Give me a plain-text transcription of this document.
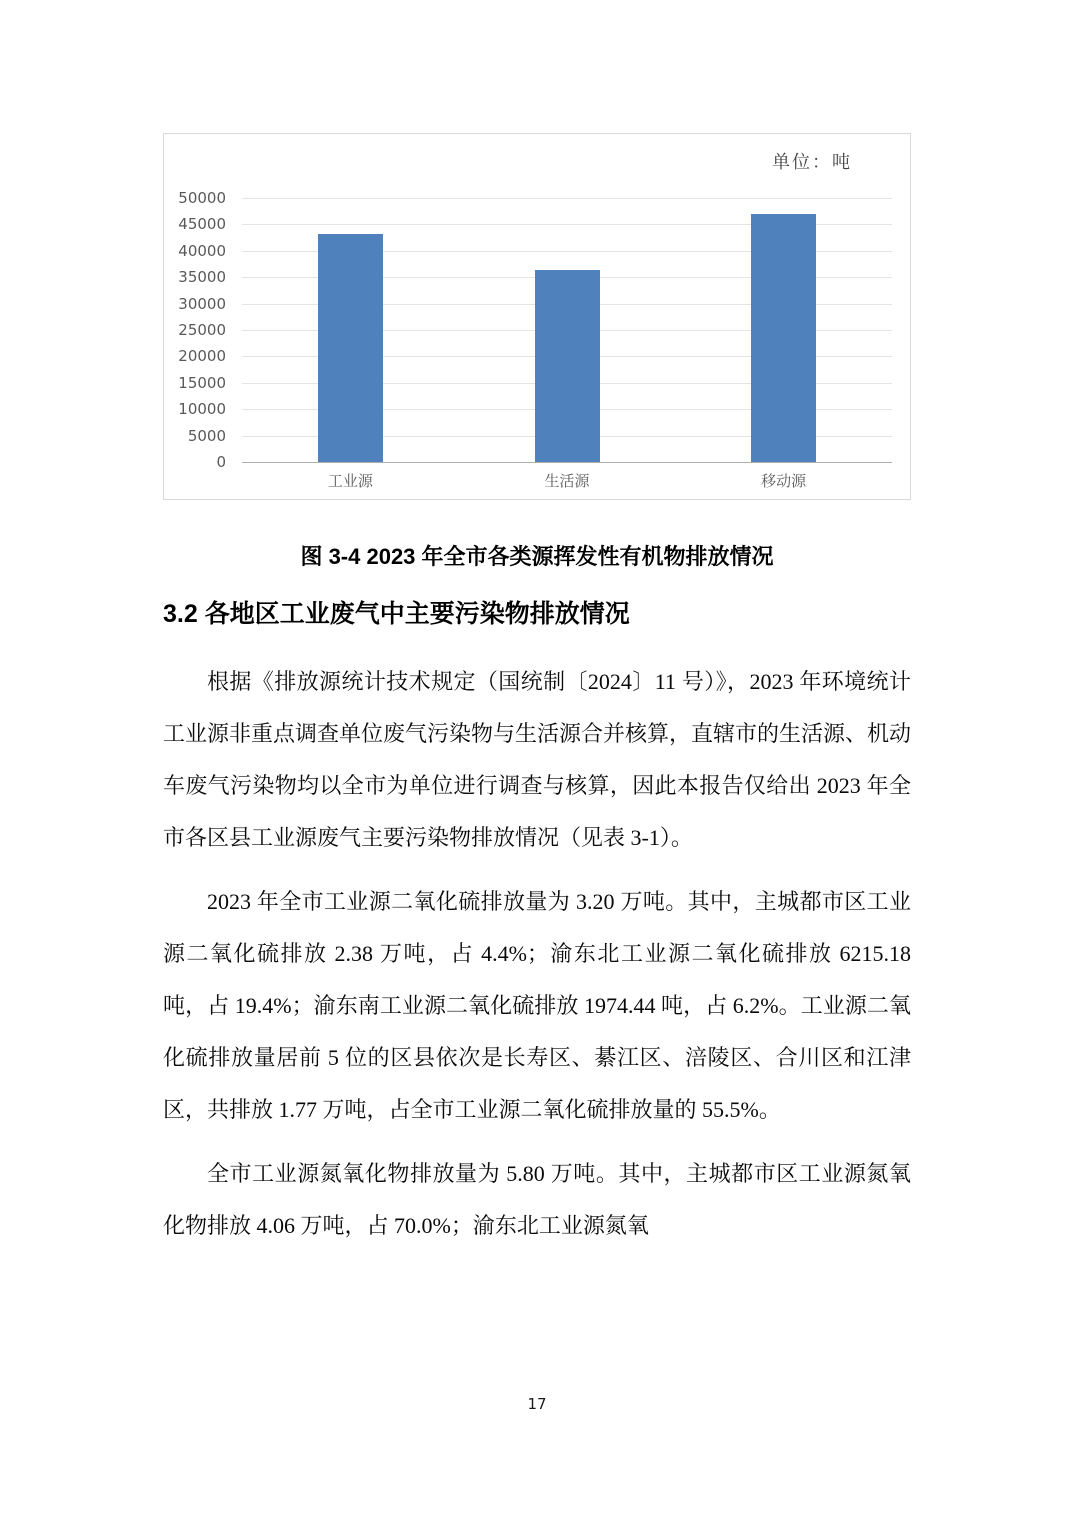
单位：吨
50000
45000
40000
35000
30000
25000
20000
15000
10000
5000
0
工业源	生活源	移动源
图 3-4 2023 年全市各类源挥发性有机物排放情况
3.2 各地区工业废气中主要污染物排放情况

根据《排放源统计技术规定（国统制〔2024〕11 号）》，2023 年环境统计工业源非重点调查单位废气污染物与生活源合并核算，直辖市的生活源、机动车废气污染物均以全市为单位进行调查与核算，因此本报告仅给出 2023 年全市各区县工业源废气主要污染物排放情况（见表 3-1）。

2023 年全市工业源二氧化硫排放量为 3.20 万吨。其中，主城都市区工业源二氧化硫排放 2.38 万吨，占 4.4%；渝东北工业源二氧化硫排放 6215.18 吨，占 19.4%；渝东南工业源二氧化硫排放 1974.44 吨，占 6.2%。工业源二氧化硫排放量居前 5 位的区县依次是长寿区、綦江区、涪陵区、合川区和江津区，共排放 1.77 万吨，占全市工业源二氧化硫排放量的 55.5%。

全市工业源氮氧化物排放量为 5.80 万吨。其中，主城都市区工业源氮氧化物排放 4.06 万吨，占 70.0%；渝东北工业源氮氧

17
